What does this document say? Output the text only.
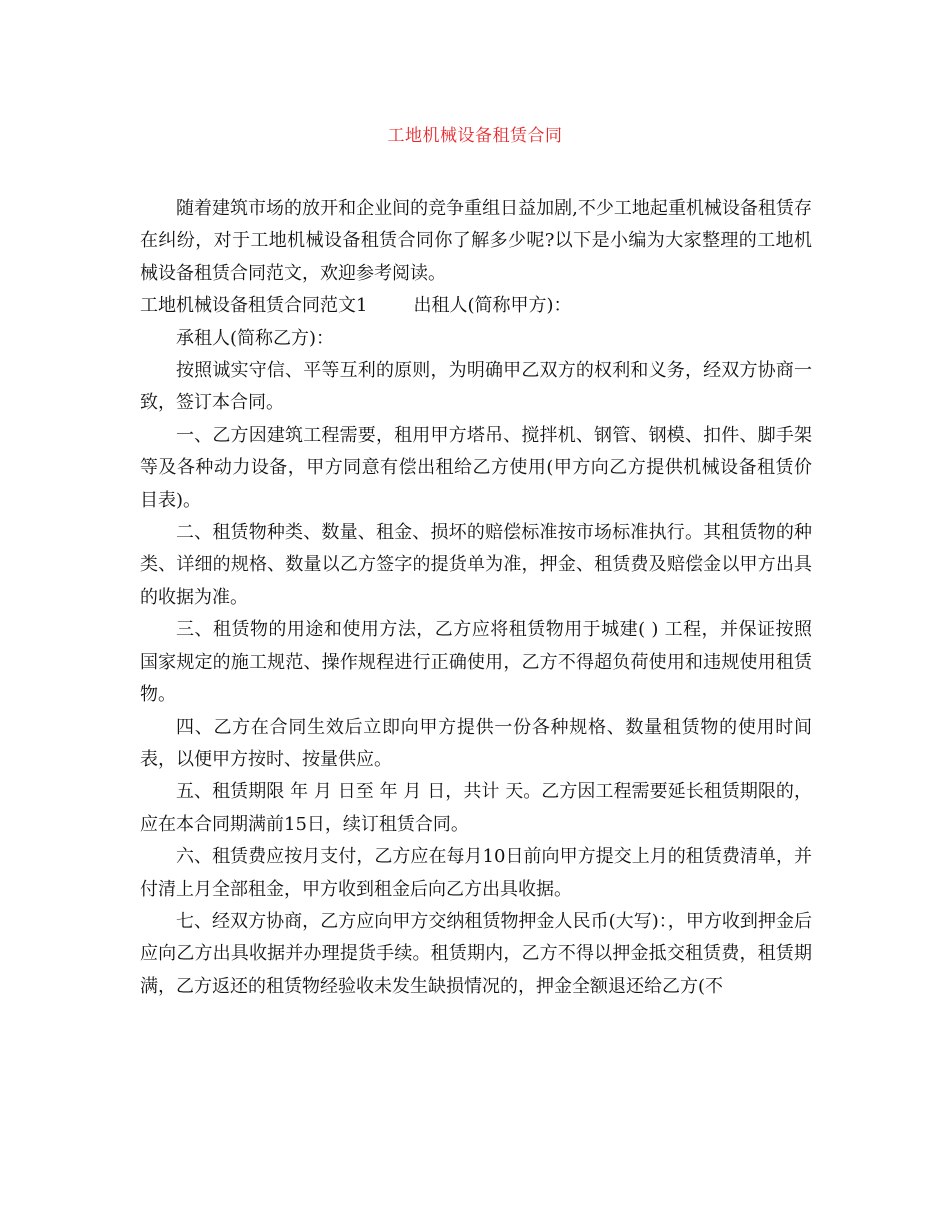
工地机械设备租赁合同

随着建筑市场的放开和企业间的竞争重组日益加剧,不少工地起重机械设备租赁存在纠纷，对于工地机械设备租赁合同你了解多少呢?以下是小编为大家整理的工地机械设备租赁合同范文，欢迎参考阅读。

工地机械设备租赁合同范文1	出租人(简称甲方)：

承租人(简称乙方)：

按照诚实守信、平等互利的原则，为明确甲乙双方的权利和义务，经双方协商一致，签订本合同。

一、乙方因建筑工程需要，租用甲方塔吊、搅拌机、钢管、钢模、扣件、脚手架等及各种动力设备，甲方同意有偿出租给乙方使用(甲方向乙方提供机械设备租赁价目表)。

二、租赁物种类、数量、租金、损坏的赔偿标准按市场标准执行。其租赁物的种类、详细的规格、数量以乙方签字的提货单为准，押金、租赁费及赔偿金以甲方出具的收据为准。

三、租赁物的用途和使用方法，乙方应将租赁物用于城建( ) 工程，并保证按照国家规定的施工规范、操作规程进行正确使用，乙方不得超负荷使用和违规使用租赁物。

四、乙方在合同生效后立即向甲方提供一份各种规格、数量租赁物的使用时间表，以便甲方按时、按量供应。

五、租赁期限 年 月 日至 年 月 日，共计 天。乙方因工程需要延长租赁期限的，应在本合同期满前15日，续订租赁合同。

六、租赁费应按月支付，乙方应在每月10日前向甲方提交上月的租赁费清单，并付清上月全部租金，甲方收到租金后向乙方出具收据。

七、经双方协商，乙方应向甲方交纳租赁物押金人民币(大写)：，甲方收到押金后应向乙方出具收据并办理提货手续。租赁期内，乙方不得以押金抵交租赁费，租赁期满，乙方返还的租赁物经验收未发生缺损情况的，押金全额退还给乙方(不
